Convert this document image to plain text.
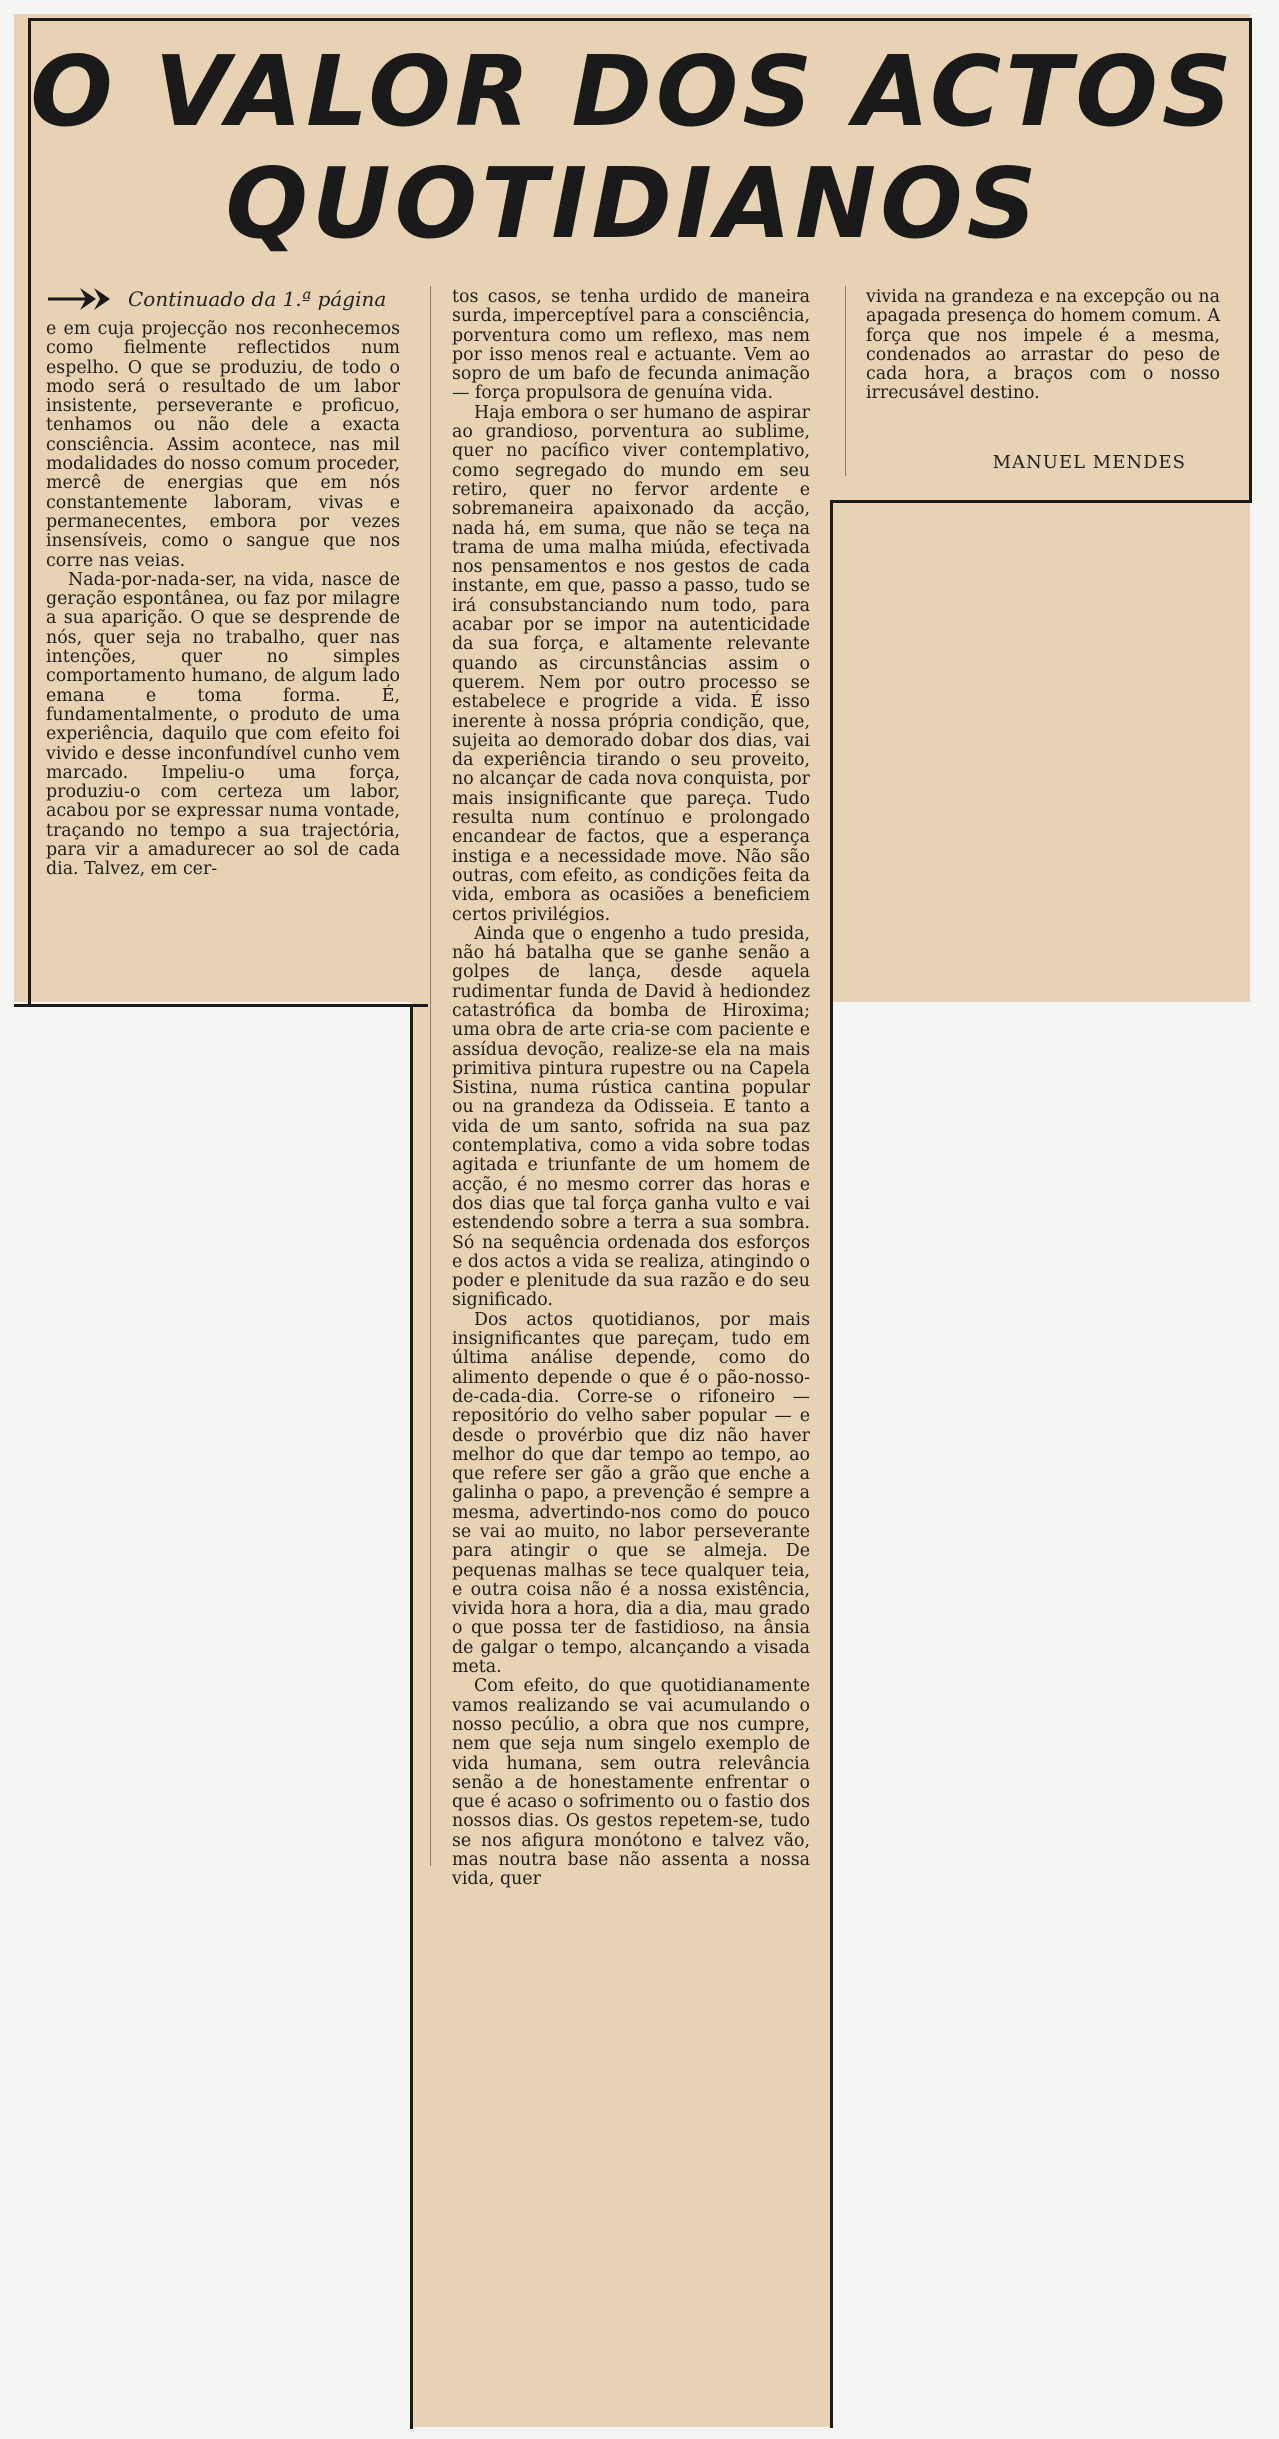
O VALOR DOS ACTOS
QUOTIDIANOS
Continuado da 1.ª página

e em cuja projecção nos reconhecemos como fielmente reflectidos num espelho. O que se produziu, de todo o modo será o resultado de um labor insistente, perseverante e proficuo, tenhamos ou não dele a exacta consciência. Assim acontece, nas mil modalidades do nosso comum proceder, mercê de energias que em nós constantemente laboram, vivas e permanecentes, embora por vezes insensíveis, como o sangue que nos corre nas veias.

Nada-por-nada-ser, na vida, nasce de geração espontânea, ou faz por milagre a sua aparição. O que se desprende de nós, quer seja no trabalho, quer nas intenções, quer no simples comportamento humano, de algum lado emana e toma forma. É, fundamentalmente, o produto de uma experiência, daquilo que com efeito foi vivido e desse inconfundível cunho vem marcado. Impeliu-o uma força, produziu-o com certeza um labor, acabou por se expressar numa vontade, traçando no tempo a sua trajectória, para vir a amadurecer ao sol de cada dia. Talvez, em cer-

tos casos, se tenha urdido de maneira surda, imperceptível para a consciência, porventura como um reflexo, mas nem por isso menos real e actuante. Vem ao sopro de um bafo de fecunda animação — força propulsora de genuína vida.

Haja embora o ser humano de aspirar ao grandioso, porventura ao sublime, quer no pacífico viver contemplativo, como segregado do mundo em seu retiro, quer no fervor ardente e sobremaneira apaixonado da acção, nada há, em suma, que não se teça na trama de uma malha miúda, efectivada nos pensamentos e nos gestos de cada instante, em que, passo a passo, tudo se irá consubstanciando num todo, para acabar por se impor na autenticidade da sua força, e altamente relevante quando as circunstâncias assim o querem. Nem por outro processo se estabelece e progride a vida. É isso inerente à nossa própria condição, que, sujeita ao demorado dobar dos dias, vai da experiência tirando o seu proveito, no alcançar de cada nova conquista, por mais insignificante que pareça. Tudo resulta num contínuo e prolongado encandear de factos, que a esperança instiga e a necessidade move. Não são outras, com efeito, as condições feita da vida, embora as ocasiões a beneficiem certos privilégios.

Ainda que o engenho a tudo presida, não há batalha que se ganhe senão a golpes de lança, desde aquela rudimentar funda de David à hediondez catastrófica da bomba de Hiroxima; uma obra de arte cria-se com paciente e assídua devoção, realize-se ela na mais primitiva pintura rupestre ou na Capela Sistina, numa rústica cantina popular ou na grandeza da Odisseia. E tanto a vida de um santo, sofrida na sua paz contemplativa, como a vida sobre todas agitada e triunfante de um homem de acção, é no mesmo correr das horas e dos dias que tal força ganha vulto e vai estendendo sobre a terra a sua sombra. Só na sequência ordenada dos esforços e dos actos a vida se realiza, atingindo o poder e plenitude da sua razão e do seu significado.

Dos actos quotidianos, por mais insignificantes que pareçam, tudo em última análise depende, como do alimento depende o que é o pão-nosso-de-cada-dia. Corre-se o rifoneiro — repositório do velho saber popular — e desde o provérbio que diz não haver melhor do que dar tempo ao tempo, ao que refere ser gão a grão que enche a galinha o papo, a prevenção é sempre a mesma, advertindo-nos como do pouco se vai ao muito, no labor perseverante para atingir o que se almeja. De pequenas malhas se tece qualquer teia, e outra coisa não é a nossa existência, vivida hora a hora, dia a dia, mau grado o que possa ter de fastidioso, na ânsia de galgar o tempo, alcançando a visada meta.

Com efeito, do que quotidianamente vamos realizando se vai acumulando o nosso pecúlio, a obra que nos cumpre, nem que seja num singelo exemplo de vida humana, sem outra relevância senão a de honestamente enfrentar o que é acaso o sofrimento ou o fastio dos nossos dias. Os gestos repetem-se, tudo se nos afigura monótono e talvez vão, mas noutra base não assenta a nossa vida, quer

vivida na grandeza e na excepção ou na apagada presença do homem comum. A força que nos impele é a mesma, condenados ao arrastar do peso de cada hora, a braços com o nosso irrecusável destino.

MANUEL MENDES
